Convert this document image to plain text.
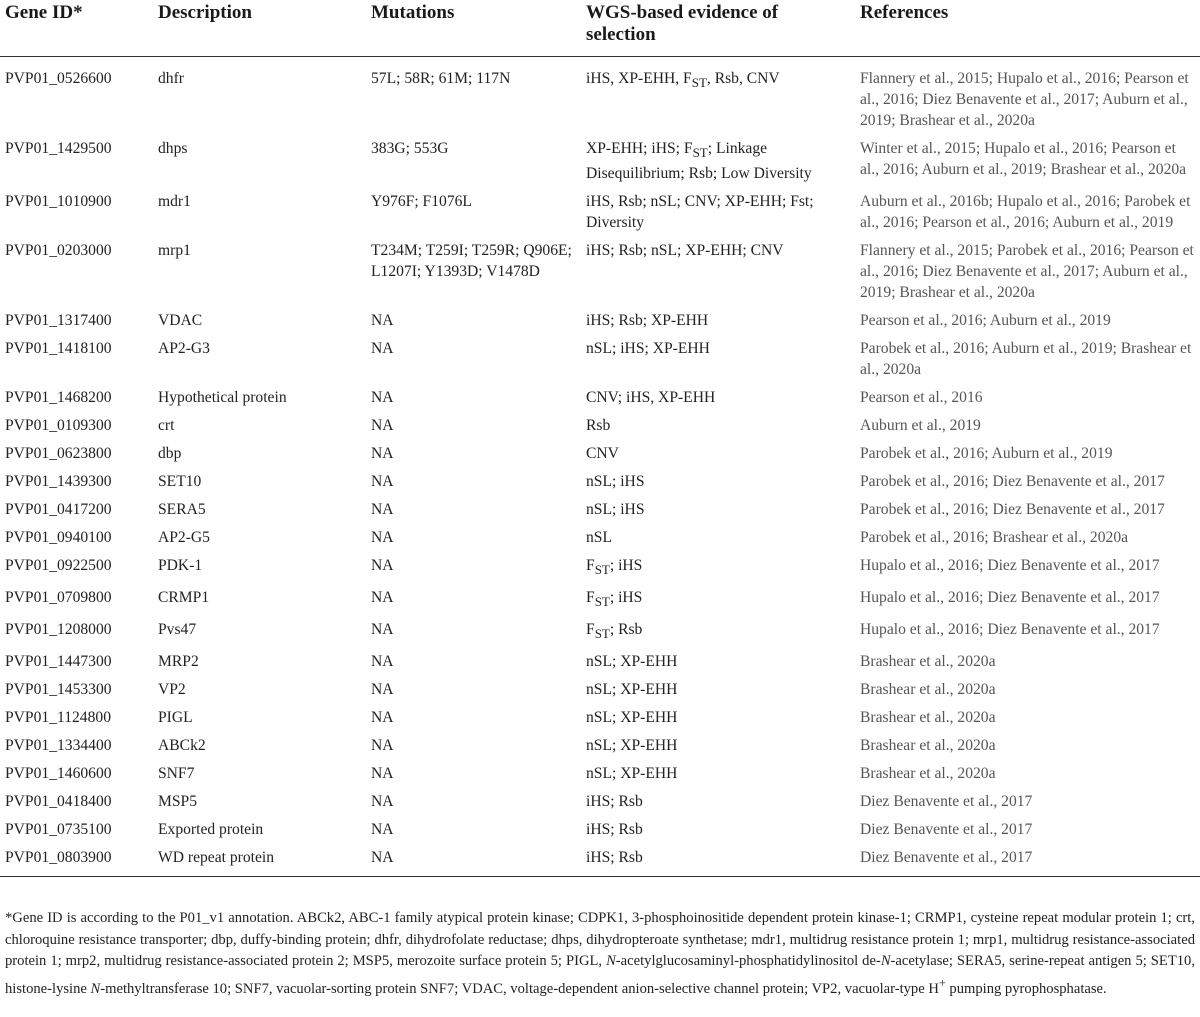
Gene ID*	Description	Mutations	WGS-based evidence of selection	References
PVP01_0526600	dhfr	57L; 58R; 61M; 117N	iHS, XP-EHH, $F_{ST}$, Rsb, CNV	Flannery et al., 2015; Hupalo et al., 2016; Pearson et al., 2016; Diez Benavente et al., 2017; Auburn et al., 2019; Brashear et al., 2020a
PVP01_1429500	dhps	383G; 553G	XP-EHH; iHS; $F_{ST}$; Linkage Disequilibrium; Rsb; Low Diversity	Winter et al., 2015; Hupalo et al., 2016; Pearson et al., 2016; Auburn et al., 2019; Brashear et al., 2020a
PVP01_1010900	mdr1	Y976F; F1076L	iHS, Rsb; nSL; CNV; XP-EHH; Fst; Diversity	Auburn et al., 2016b; Hupalo et al., 2016; Parobek et al., 2016; Pearson et al., 2016; Auburn et al., 2019
PVP01_0203000	mrp1	T234M; T259I; T259R; Q906E; L1207I; Y1393D; V1478D	iHS; Rsb; nSL; XP-EHH; CNV	Flannery et al., 2015; Parobek et al., 2016; Pearson et al., 2016; Diez Benavente et al., 2017; Auburn et al., 2019; Brashear et al., 2020a
PVP01_1317400	VDAC	NA	iHS; Rsb; XP-EHH	Pearson et al., 2016; Auburn et al., 2019
PVP01_1418100	AP2-G3	NA	nSL; iHS; XP-EHH	Parobek et al., 2016; Auburn et al., 2019; Brashear et al., 2020a
PVP01_1468200	Hypothetical protein	NA	CNV; iHS, XP-EHH	Pearson et al., 2016
PVP01_0109300	crt	NA	Rsb	Auburn et al., 2019
PVP01_0623800	dbp	NA	CNV	Parobek et al., 2016; Auburn et al., 2019
PVP01_1439300	SET10	NA	nSL; iHS	Parobek et al., 2016; Diez Benavente et al., 2017
PVP01_0417200	SERA5	NA	nSL; iHS	Parobek et al., 2016; Diez Benavente et al., 2017
PVP01_0940100	AP2-G5	NA	nSL	Parobek et al., 2016; Brashear et al., 2020a
PVP01_0922500	PDK-1	NA	$F_{ST}$; iHS	Hupalo et al., 2016; Diez Benavente et al., 2017
PVP01_0709800	CRMP1	NA	$F_{ST}$; iHS	Hupalo et al., 2016; Diez Benavente et al., 2017
PVP01_1208000	Pvs47	NA	$F_{ST}$; Rsb	Hupalo et al., 2016; Diez Benavente et al., 2017
PVP01_1447300	MRP2	NA	nSL; XP-EHH	Brashear et al., 2020a
PVP01_1453300	VP2	NA	nSL; XP-EHH	Brashear et al., 2020a
PVP01_1124800	PIGL	NA	nSL; XP-EHH	Brashear et al., 2020a
PVP01_1334400	ABCk2	NA	nSL; XP-EHH	Brashear et al., 2020a
PVP01_1460600	SNF7	NA	nSL; XP-EHH	Brashear et al., 2020a
PVP01_0418400	MSP5	NA	iHS; Rsb	Diez Benavente et al., 2017
PVP01_0735100	Exported protein	NA	iHS; Rsb	Diez Benavente et al., 2017
PVP01_0803900	WD repeat protein	NA	iHS; Rsb	Diez Benavente et al., 2017
*Gene ID is according to the P01_v1 annotation. ABCk2, ABC-1 family atypical protein kinase; CDPK1, 3-phosphoinositide dependent protein kinase-1; CRMP1, cysteine repeat modular protein 1; crt, chloroquine resistance transporter; dbp, duffy-binding protein; dhfr, dihydrofolate reductase; dhps, dihydropteroate synthetase; mdr1, multidrug resistance protein 1; mrp1, multidrug resistance-associated protein 1; mrp2, multidrug resistance-associated protein 2; MSP5, merozoite surface protein 5; PIGL, N-acetylglucosaminyl-phosphatidylinositol de-N-acetylase; SERA5, serine-repeat antigen 5; SET10, histone-lysine N-methyltransferase 10; SNF7, vacuolar-sorting protein SNF7; VDAC, voltage-dependent anion-selective channel protein; VP2, vacuolar-type H+ pumping pyrophosphatase.
